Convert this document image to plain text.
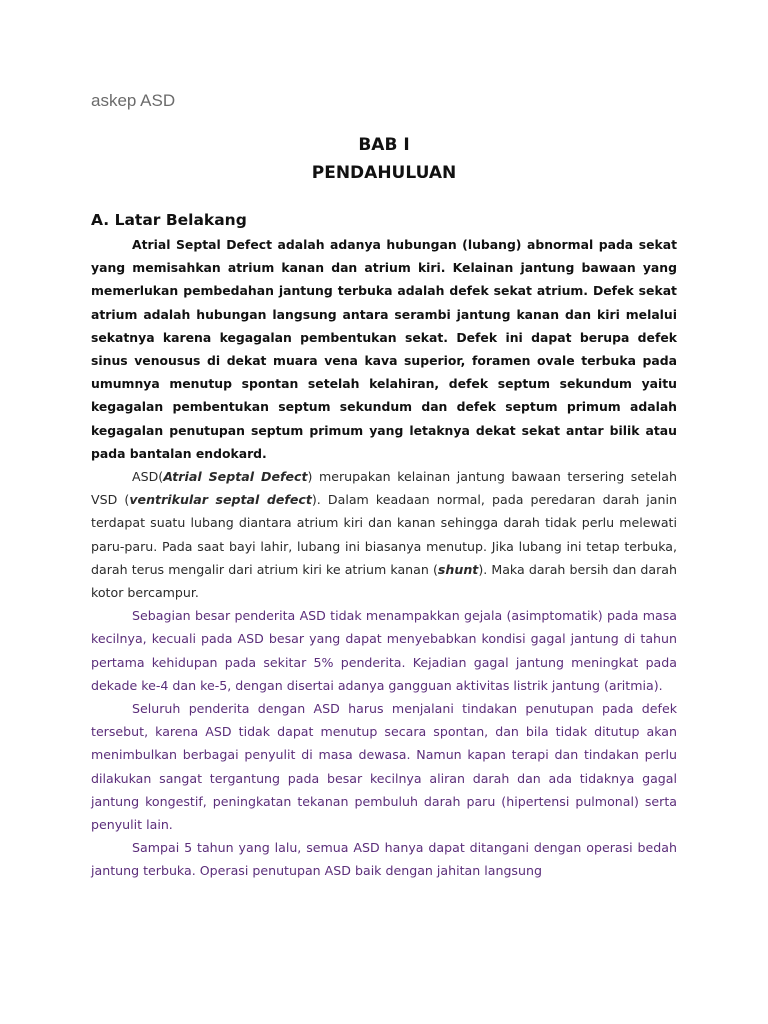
askep ASD
BAB I
PENDAHULUAN
A. Latar Belakang

Atrial Septal Defect adalah adanya hubungan (lubang) abnormal pada sekat yang memisahkan atrium kanan dan atrium kiri. Kelainan jantung bawaan yang memerlukan pembedahan jantung terbuka adalah defek sekat atrium. Defek sekat atrium adalah hubungan langsung antara serambi jantung kanan dan kiri melalui sekatnya karena kegagalan pembentukan sekat. Defek ini dapat berupa defek sinus venousus di dekat muara vena kava superior, foramen ovale terbuka pada umumnya menutup spontan setelah kelahiran, defek septum sekundum yaitu kegagalan pembentukan septum sekundum dan defek septum primum adalah kegagalan penutupan septum primum yang letaknya dekat sekat antar bilik atau pada bantalan endokard.

ASD(Atrial Septal Defect) merupakan kelainan jantung bawaan tersering setelah VSD (ventrikular septal defect). Dalam keadaan normal, pada peredaran darah janin terdapat suatu lubang diantara atrium kiri dan kanan sehingga darah tidak perlu melewati paru-paru. Pada saat bayi lahir, lubang ini biasanya menutup. Jika lubang ini tetap terbuka, darah terus mengalir dari atrium kiri ke atrium kanan (shunt). Maka darah bersih dan darah kotor bercampur.

Sebagian besar penderita ASD tidak menampakkan gejala (asimptomatik) pada masa kecilnya, kecuali pada ASD besar yang dapat menyebabkan kondisi gagal jantung di tahun pertama kehidupan pada sekitar 5% penderita. Kejadian gagal jantung meningkat pada dekade ke-4 dan ke-5, dengan disertai adanya gangguan aktivitas listrik jantung (aritmia).

Seluruh penderita dengan ASD harus menjalani tindakan penutupan pada defek tersebut, karena ASD tidak dapat menutup secara spontan, dan bila tidak ditutup akan menimbulkan berbagai penyulit di masa dewasa. Namun kapan terapi dan tindakan perlu dilakukan sangat tergantung pada besar kecilnya aliran darah dan ada tidaknya gagal jantung kongestif, peningkatan tekanan pembuluh darah paru (hipertensi pulmonal) serta penyulit lain.

Sampai 5 tahun yang lalu, semua ASD hanya dapat ditangani dengan operasi bedah jantung terbuka. Operasi penutupan ASD baik dengan jahitan langsung
